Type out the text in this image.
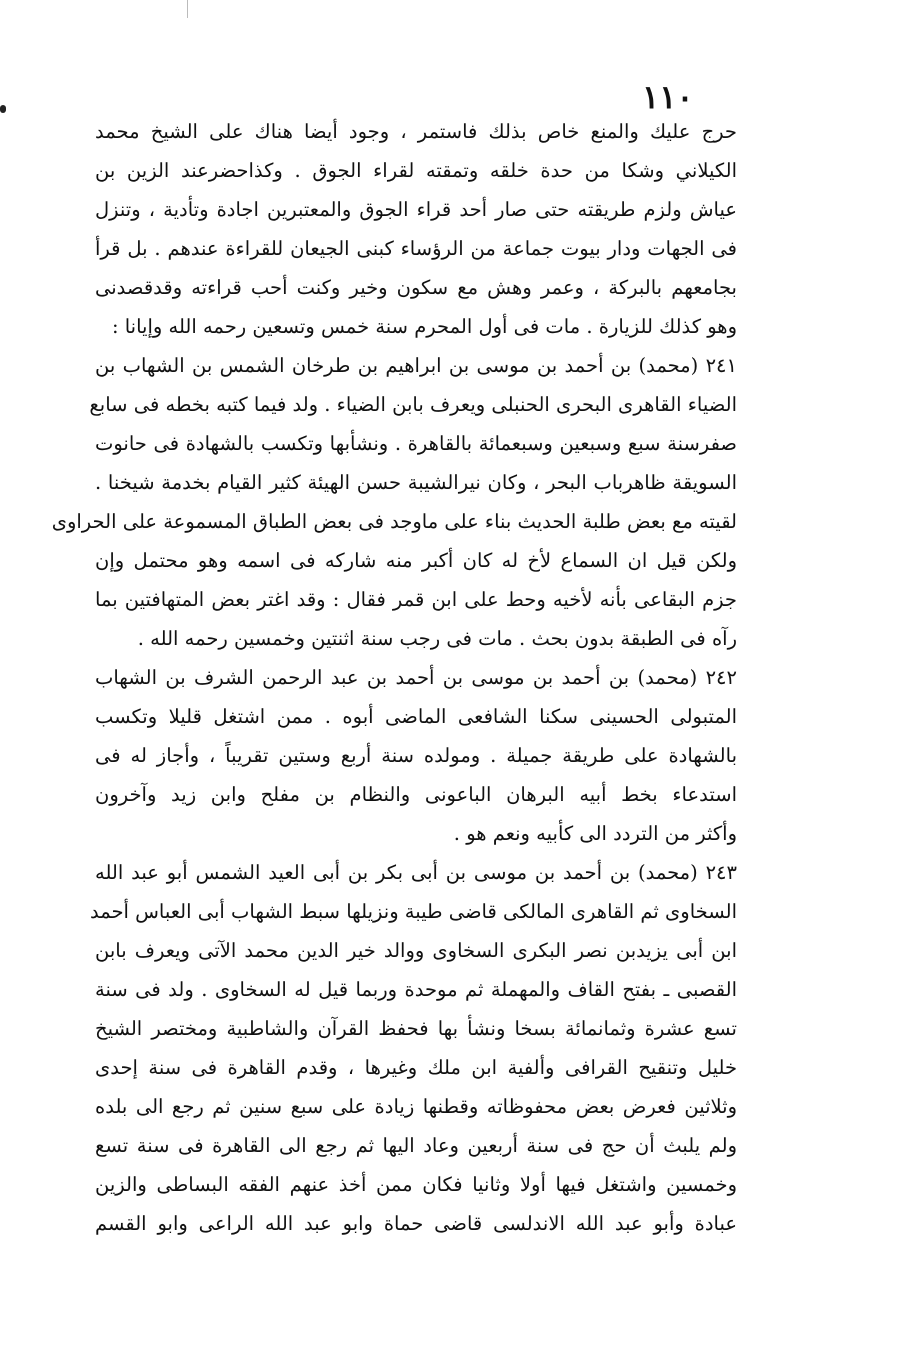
١١٠
حرج عليك والمنع خاص بذلك فاستمر ، وجود أيضا هناك على الشيخ محمد
الكيلاني وشكا من حدة خلقه وتمقته لقراء الجوق . وكذاحضرعند الزين بن
عياش ولزم طريقته حتى صار أحد قراء الجوق والمعتبرين اجادة وتأدية ، وتنزل
فى الجهات ودار بيوت جماعة من الرؤساء كبنى الجيعان للقراءة عندهم . بل قرأ
بجامعهم بالبركة ، وعمر وهش مع سكون وخير وكنت أحب قراءته وقدقصدنى
وهو كذلك للزيارة . مات فى أول المحرم سنة خمس وتسعين رحمه الله وإيانا :
٢٤١ (محمد) بن أحمد بن موسى بن ابراهيم بن طرخان الشمس بن الشهاب بن
الضياء القاهرى البحرى الحنبلى ويعرف بابن الضياء . ولد فيما كتبه بخطه فى سابع
صفرسنة سبع وسبعين وسبعمائة بالقاهرة . ونشأبها وتكسب بالشهادة فى حانوت
السويقة ظاهرباب البحر ، وكان نيرالشيبة حسن الهيئة كثير القيام بخدمة شيخنا .
لقيته مع بعض طلبة الحديث بناء على ماوجد فى بعض الطباق المسموعة على الحراوى
ولكن قيل ان السماع لأخ له كان أكبر منه شاركه فى اسمه وهو محتمل وإن
جزم البقاعى بأنه لأخيه وحط على ابن قمر فقال : وقد اغتر بعض المتهافتين بما
رآه فى الطبقة بدون بحث . مات فى رجب سنة اثنتين وخمسين رحمه الله .
٢٤٢ (محمد) بن أحمد بن موسى بن أحمد بن عبد الرحمن الشرف بن الشهاب
المتبولى الحسينى سكنا الشافعى الماضى أبوه . ممن اشتغل قليلا وتكسب
بالشهادة على طريقة جميلة . ومولده سنة أربع وستين تقريباً ، وأجاز له فى
استدعاء بخط أبيه البرهان الباعونى والنظام بن مفلح وابن زيد وآخرون
وأكثر من التردد الى كأبيه ونعم هو .
٢٤٣ (محمد) بن أحمد بن موسى بن أبى بكر بن أبى العيد الشمس أبو عبد الله
السخاوى ثم القاهرى المالكى قاضى طيبة ونزيلها سبط الشهاب أبى العباس أحمد
ابن أبى يزيدبن نصر البكرى السخاوى ووالد خير الدين محمد الآتى ويعرف بابن
القصبى ـ بفتح القاف والمهملة ثم موحدة وربما قيل له السخاوى . ولد فى سنة
تسع عشرة وثمانمائة بسخا ونشأ بها فحفظ القرآن والشاطبية ومختصر الشيخ
خليل وتنقيح القرافى وألفية ابن ملك وغيرها ، وقدم القاهرة فى سنة إحدى
وثلاثين فعرض بعض محفوظاته وقطنها زيادة على سبع سنين ثم رجع الى بلده
ولم يلبث أن حج فى سنة أربعين وعاد اليها ثم رجع الى القاهرة فى سنة تسع
وخمسين واشتغل فيها أولا وثانيا فكان ممن أخذ عنهم الفقه البساطى والزين
عبادة وأبو عبد الله الاندلسى قاضى حماة وابو عبد الله الراعى وابو القسم
